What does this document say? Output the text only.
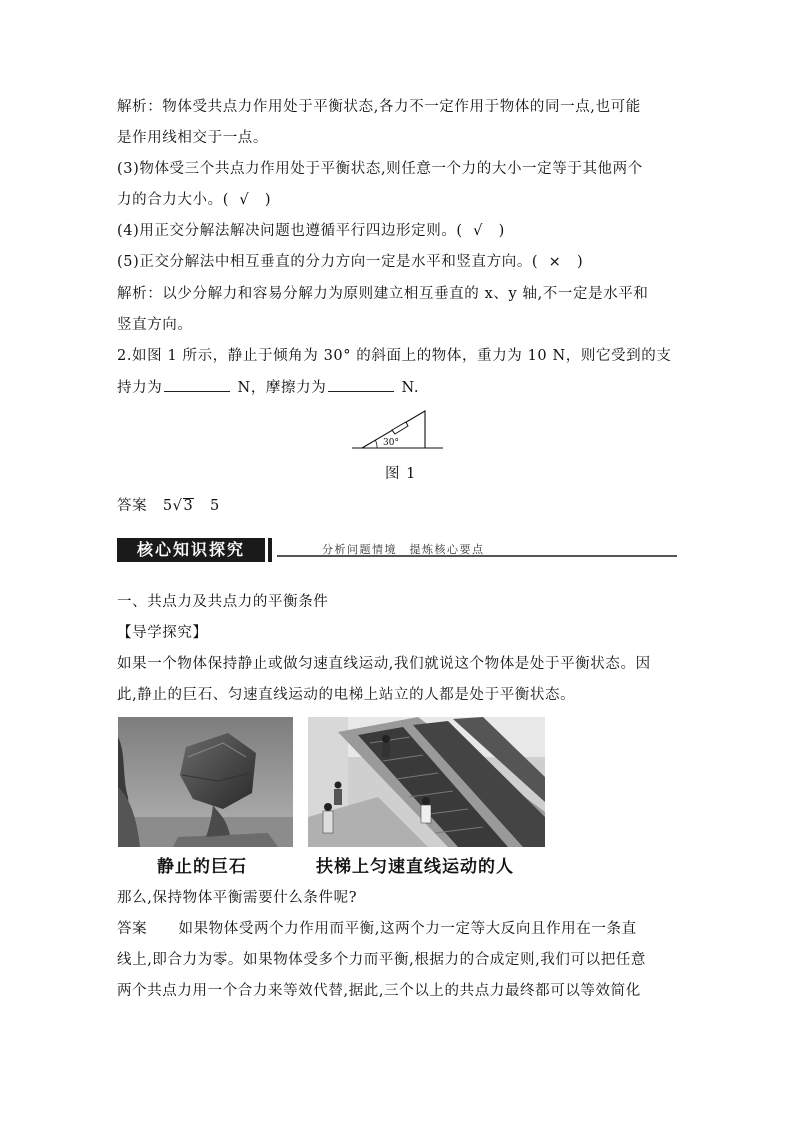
解析：物体受共点力作用处于平衡状态,各力不一定作用于物体的同一点,也可能
是作用线相交于一点。
(3)物体受三个共点力作用处于平衡状态,则任意一个力的大小一定等于其他两个
力的合力大小。( √ )
(4)用正交分解法解决问题也遵循平行四边形定则。( √ )
(5)正交分解法中相互垂直的分力方向一定是水平和竖直方向。( × )
解析：以少分解力和容易分解力为原则建立相互垂直的 x、y 轴,不一定是水平和
竖直方向。
2.如图 1 所示，静止于倾角为 30° 的斜面上的物体，重力为 10 N，则它受到的支
持力为	N，摩擦力为	N.
30°
图 1
答案 5√3 5
核心知识探究	分析问题情境　提炼核心要点
一、共点力及共点力的平衡条件
【导学探究】
如果一个物体保持静止或做匀速直线运动,我们就说这个物体是处于平衡状态。因
此,静止的巨石、匀速直线运动的电梯上站立的人都是处于平衡状态。
静止的巨石	扶梯上匀速直线运动的人
那么,保持物体平衡需要什么条件呢?
答案 如果物体受两个力作用而平衡,这两个力一定等大反向且作用在一条直
线上,即合力为零。如果物体受多个力而平衡,根据力的合成定则,我们可以把任意
两个共点力用一个合力来等效代替,据此,三个以上的共点力最终都可以等效简化
